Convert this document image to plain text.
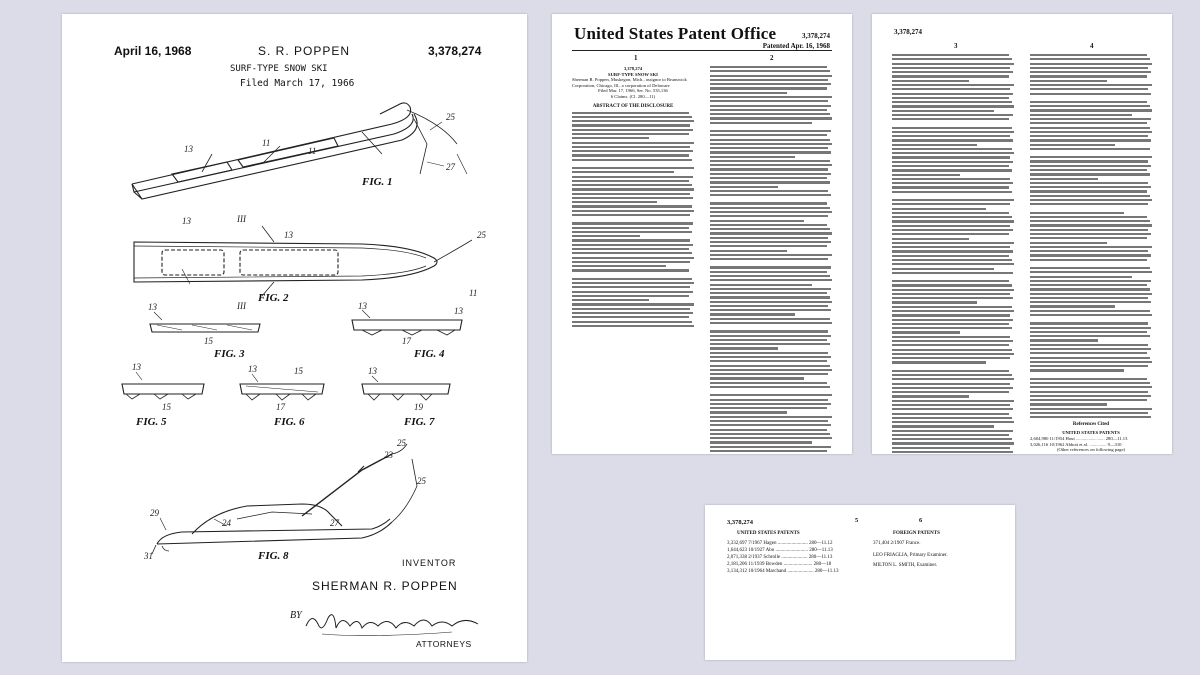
April 16, 1968	S. R. POPPEN	3,378,274
SURF-TYPE SNOW SKI
Filed March 17, 1966
25
27
13
11
11
III
III
25
11
13
13
13
15
13	13
17
13
15
13	15
17
13
19
23
25
25
24
29
31
27
FIG. 1
FIG. 2
FIG. 3	FIG. 4
FIG. 5	FIG. 6	FIG. 7
FIG. 8
INVENTOR
SHERMAN R. POPPEN
BY
ATTORNEYS
United States Patent Office	3,378,274
Patented Apr. 16, 1968
1	2
3,378,274
SURF-TYPE SNOW SKI
Sherman R. Poppen, Muskegon, Mich., assignor to Brunswick Corporation, Chicago, Ill., a corporation of Delaware
Filed Mar. 17, 1966, Ser. No. 535,136
6 Claims. (Cl. 280—11)
ABSTRACT OF THE DISCLOSURE
3,378,274
3	4
References Cited
UNITED STATES PATENTS
2,604,980 11/1954 Hout ......................... 280—11.13
3,026,116 10/1962 Abbott et al. ............... 9—310
(Other references on following page)
3,378,274	5	6
UNITED STATES PATENTS
3,332,697 7/1967 Hagen ........................ 280—11.12
1,644,623 10/1927 Abo .......................... 280—11.13
2,071,338 2/1937 Schrolle ..................... 280—11.13
2,181,206 11/1939 Bowden ....................... 280—18
3,134,312 10/1964 Marchand ..................... 280—11.13
FOREIGN PATENTS
371,404 2/1907 France.
LEO FRIAGLIA, Primary Examiner.
MILTON L. SMITH, Examiner.
